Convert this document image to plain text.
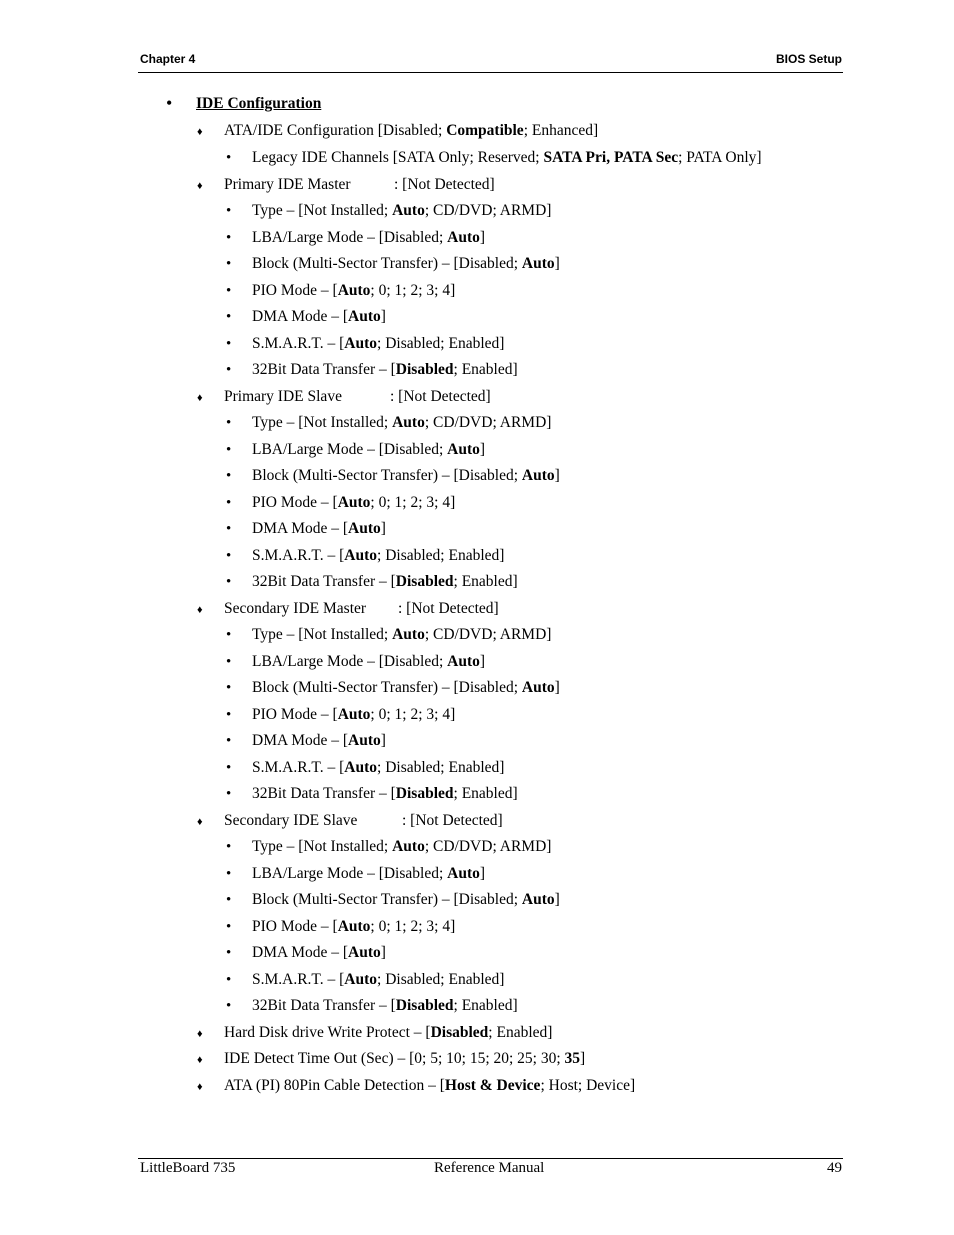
Chapter 4	BIOS Setup
• IDE Configuration
♦ ATA/IDE Configuration [Disabled; Compatible; Enhanced]
• Legacy IDE Channels [SATA Only; Reserved; SATA Pri, PATA Sec; PATA Only]
♦ Primary IDE Master	: [Not Detected]
• Type – [Not Installed; Auto; CD/DVD; ARMD]
• LBA/Large Mode – [Disabled; Auto]
• Block (Multi-Sector Transfer) – [Disabled; Auto]
• PIO Mode – [Auto; 0; 1; 2; 3; 4]
• DMA Mode – [Auto]
• S.M.A.R.T. – [Auto; Disabled; Enabled]
• 32Bit Data Transfer – [Disabled; Enabled]
♦ Primary IDE Slave	: [Not Detected]
• Type – [Not Installed; Auto; CD/DVD; ARMD]
• LBA/Large Mode – [Disabled; Auto]
• Block (Multi-Sector Transfer) – [Disabled; Auto]
• PIO Mode – [Auto; 0; 1; 2; 3; 4]
• DMA Mode – [Auto]
• S.M.A.R.T. – [Auto; Disabled; Enabled]
• 32Bit Data Transfer – [Disabled; Enabled]
♦ Secondary IDE Master : [Not Detected]
• Type – [Not Installed; Auto; CD/DVD; ARMD]
• LBA/Large Mode – [Disabled; Auto]
• Block (Multi-Sector Transfer) – [Disabled; Auto]
• PIO Mode – [Auto; 0; 1; 2; 3; 4]
• DMA Mode – [Auto]
• S.M.A.R.T. – [Auto; Disabled; Enabled]
• 32Bit Data Transfer – [Disabled; Enabled]
♦ Secondary IDE Slave	: [Not Detected]
• Type – [Not Installed; Auto; CD/DVD; ARMD]
• LBA/Large Mode – [Disabled; Auto]
• Block (Multi-Sector Transfer) – [Disabled; Auto]
• PIO Mode – [Auto; 0; 1; 2; 3; 4]
• DMA Mode – [Auto]
• S.M.A.R.T. – [Auto; Disabled; Enabled]
• 32Bit Data Transfer – [Disabled; Enabled]
♦ Hard Disk drive Write Protect – [Disabled; Enabled]
♦ IDE Detect Time Out (Sec) – [0; 5; 10; 15; 20; 25; 30; 35]
♦ ATA (PI) 80Pin Cable Detection – [Host & Device; Host; Device]
LittleBoard 735	Reference Manual	49
